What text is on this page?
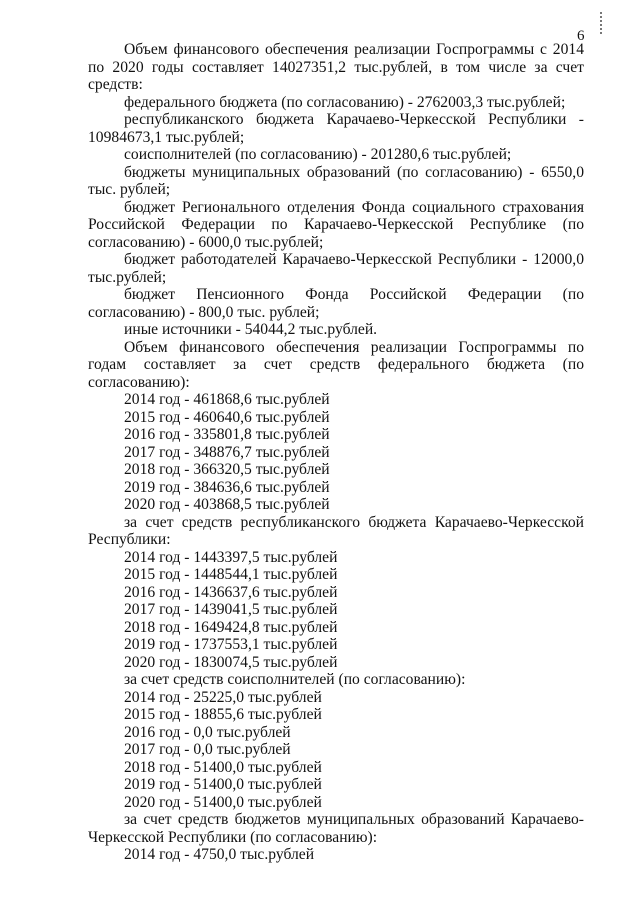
6

Объем финансового обеспечения реализации Госпрограммы с 2014 по 2020 годы составляет 14027351,2 тыс.рублей, в том числе за счет средств:

федерального бюджета (по согласованию) - 2762003,3 тыс.рублей;

республиканского бюджета Карачаево-Черкесской Республики - 10984673,1 тыс.рублей;

соисполнителей (по согласованию) - 201280,6 тыс.рублей;

бюджеты муниципальных образований (по согласованию) - 6550,0 тыс. рублей;

бюджет Регионального отделения Фонда социального страхования Российской Федерации по Карачаево-Черкесской Республике (по согласованию) - 6000,0 тыс.рублей;

бюджет работодателей Карачаево-Черкесской Республики - 12000,0 тыс.рублей;

бюджет Пенсионного Фонда Российской Федерации (по согласованию) - 800,0 тыс. рублей;

иные источники - 54044,2 тыс.рублей.

Объем финансового обеспечения реализации Госпрограммы по годам составляет за счет средств федерального бюджета (по согласованию):

2014 год - 461868,6 тыс.рублей

2015 год - 460640,6 тыс.рублей

2016 год - 335801,8 тыс.рублей

2017 год - 348876,7 тыс.рублей

2018 год - 366320,5 тыс.рублей

2019 год - 384636,6 тыс.рублей

2020 год - 403868,5 тыс.рублей

за счет средств республиканского бюджета Карачаево-Черкесской Республики:

2014 год - 1443397,5 тыс.рублей

2015 год - 1448544,1 тыс.рублей

2016 год - 1436637,6 тыс.рублей

2017 год - 1439041,5 тыс.рублей

2018 год - 1649424,8 тыс.рублей

2019 год - 1737553,1 тыс.рублей

2020 год - 1830074,5 тыс.рублей

за счет средств соисполнителей (по согласованию):

2014 год - 25225,0 тыс.рублей

2015 год - 18855,6 тыс.рублей

2016 год - 0,0 тыс.рублей

2017 год - 0,0 тыс.рублей

2018 год - 51400,0 тыс.рублей

2019 год - 51400,0 тыс.рублей

2020 год - 51400,0 тыс.рублей

за счет средств бюджетов муниципальных образований Карачаево-Черкесской Республики (по согласованию):

2014 год - 4750,0 тыс.рублей
